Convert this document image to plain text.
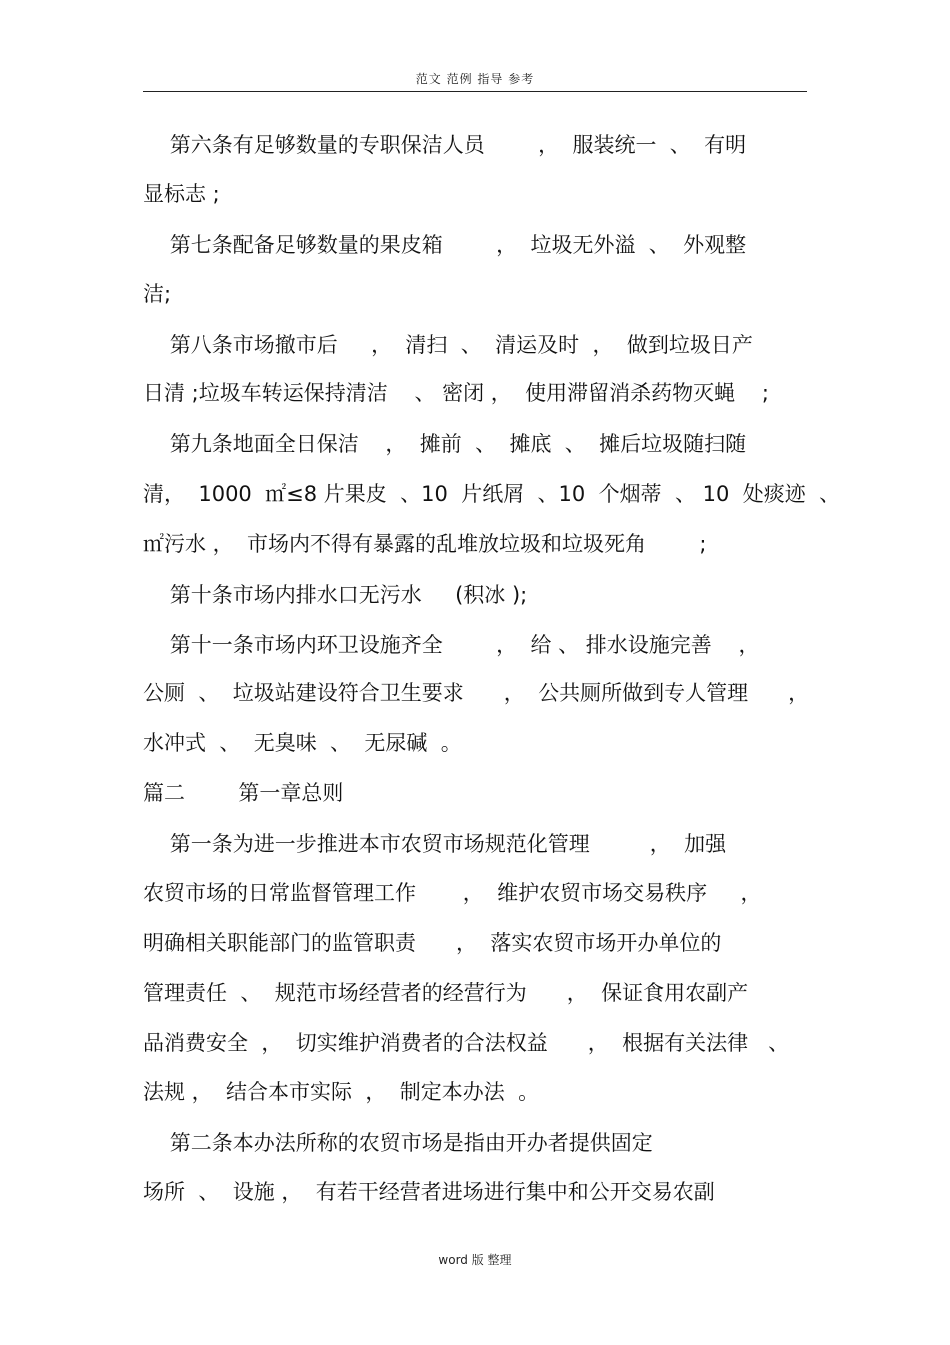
范文 范例 指导 参考
第六条有足够数量的专职保洁人员        ，  服装统一  、  有明
显标志 ;
第七条配备足够数量的果皮箱        ，  垃圾无外溢  、  外观整
洁;
第八条市场撤市后     ，  清扫  、  清运及时  ，  做到垃圾日产
日清 ;垃圾车转运保持清洁    、 密闭 ，  使用滞留消杀药物灭蝇    ;
第九条地面全日保洁    ，  摊前  、  摊底  、  摊后垃圾随扫随
清，  1000  ㎡≤8 片果皮  、10  片纸屑  、10  个烟蒂  、 10  处痰迹  、
㎡污水 ，  市场内不得有暴露的乱堆放垃圾和垃圾死角        ;
第十条市场内排水口无污水     (积冰 );
第十一条市场内环卫设施齐全        ，  给 、 排水设施完善    ，
公厕  、  垃圾站建设符合卫生要求      ，  公共厕所做到专人管理      ，
水冲式  、  无臭味  、  无尿碱  。
篇二        第一章总则
第一条为进一步推进本市农贸市场规范化管理         ，  加强
农贸市场的日常监督管理工作       ，  维护农贸市场交易秩序     ，
明确相关职能部门的监管职责      ，  落实农贸市场开办单位的
管理责任  、  规范市场经营者的经营行为      ，  保证食用农副产
品消费安全  ，  切实维护消费者的合法权益      ，  根据有关法律   、
法规 ，  结合本市实际  ，  制定本办法  。
第二条本办法所称的农贸市场是指由开办者提供固定
场所  、  设施 ，  有若干经营者进场进行集中和公开交易农副
word 版 整理
